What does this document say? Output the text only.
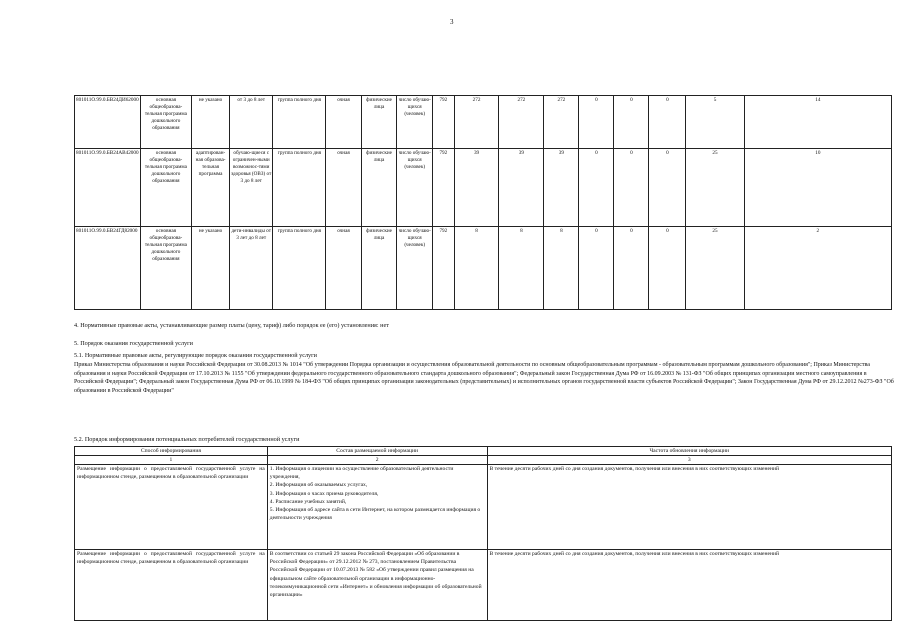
3
801011О.99.0.БВ24ДИ62000	основная общеобразова-тельная программа дошкольного образования	не указано	от 3 до 8 лет	группа полного дня	очная	физические лица	число обучаю-щихся (человек)	792	272	272	272	0	0	0	5	14
801011О.99.0.БВ24АВ42000	основная общеобразова-тельная программа дошкольного образования	адаптирован-ная образова-тельная программа	обучаю-щиеся с ограничен-ными возможнос-тями здоровья (ОВЗ) от 3 до 8 лет	группа полного дня	очная	физические лица	число обучаю-щихся (человек)	792	39	39	39	0	0	0	25	10
801011О.99.0.БВ24ГД82000	основная общеобразова-тельная программа дошкольного образования	не указано	дети-инвалиды от 3 лет до 8 лет	группа полного дня	очная	физические лица	число обучаю-щихся (человек)	792	8	8	8	0	0	0	25	2
4. Нормативные правовые акты, устанавливающие размер платы (цену, тариф) либо порядок ее (его) установления: нет
5. Порядок оказания государственной услуги
5.1. Нормативные правовые акты, регулирующие порядок оказания государственной услуги
Приказ Министерства образования и науки Российской Федерации от 30.08.2013 № 1014 "Об утверждении Порядка организации и осуществления образовательной деятельности по основным общеобразовательным программам - образовательным программам дошкольного образования"; Приказ Министерства образования и науки Российской Федерации от 17.10.2013 № 1155 "Об утверждении федерального государственного образовательного стандарта дошкольного образования"; Федеральный закон Государственная Дума РФ от 16.09.2003 № 131-ФЗ "Об общих принципах организации местного самоуправления в Российской Федерации"; Федеральный закон Государственная Дума РФ от 06.10.1999 № 184-ФЗ "Об общих принципах организации законодательных (представительных) и исполнительных органов государственной власти субъектов Российской Федерации"; Закон Государственная Дума РФ от 29.12.2012 №273-ФЗ "Об образовании в Российской Федерации"
5.2. Порядок информирования потенциальных потребителей государственной услуги
Способ информирования	Состав размещаемой информации	Частота обновления информации
1	2	3
Размещение информации о предоставляемой государственной услуге на информационном стенде, размещенном в образовательной организации	1. Информация о лицензии на осуществление образовательной деятельности учреждения,
2. Информация об оказываемых услугах,
3. Информация о часах приема руководителя,
4. Расписание учебных занятий,
5. Информация об адресе сайта в сети Интернет, на котором размещается информация о деятельности учреждения	В течение десяти рабочих дней со дня создания документов, получения или внесения в них соответствующих изменений
Размещение информации о предоставляемой государственной услуге на информационном стенде, размещенном в образовательной организации	В соответствии со статьей 29 закона Российской Федерации «Об образовании в Российской Федерации» от 29.12.2012 № 273, постановлением Правительства Российской Федерации от 10.07.2013 № 582 «Об утверждении правил размещения на официальном сайте образовательной организации в информационно-телекоммуникационной сети «Интернет» и обновления информации об образовательной организации»	В течение десяти рабочих дней со дня создания документов, получения или внесения в них соответствующих изменений
